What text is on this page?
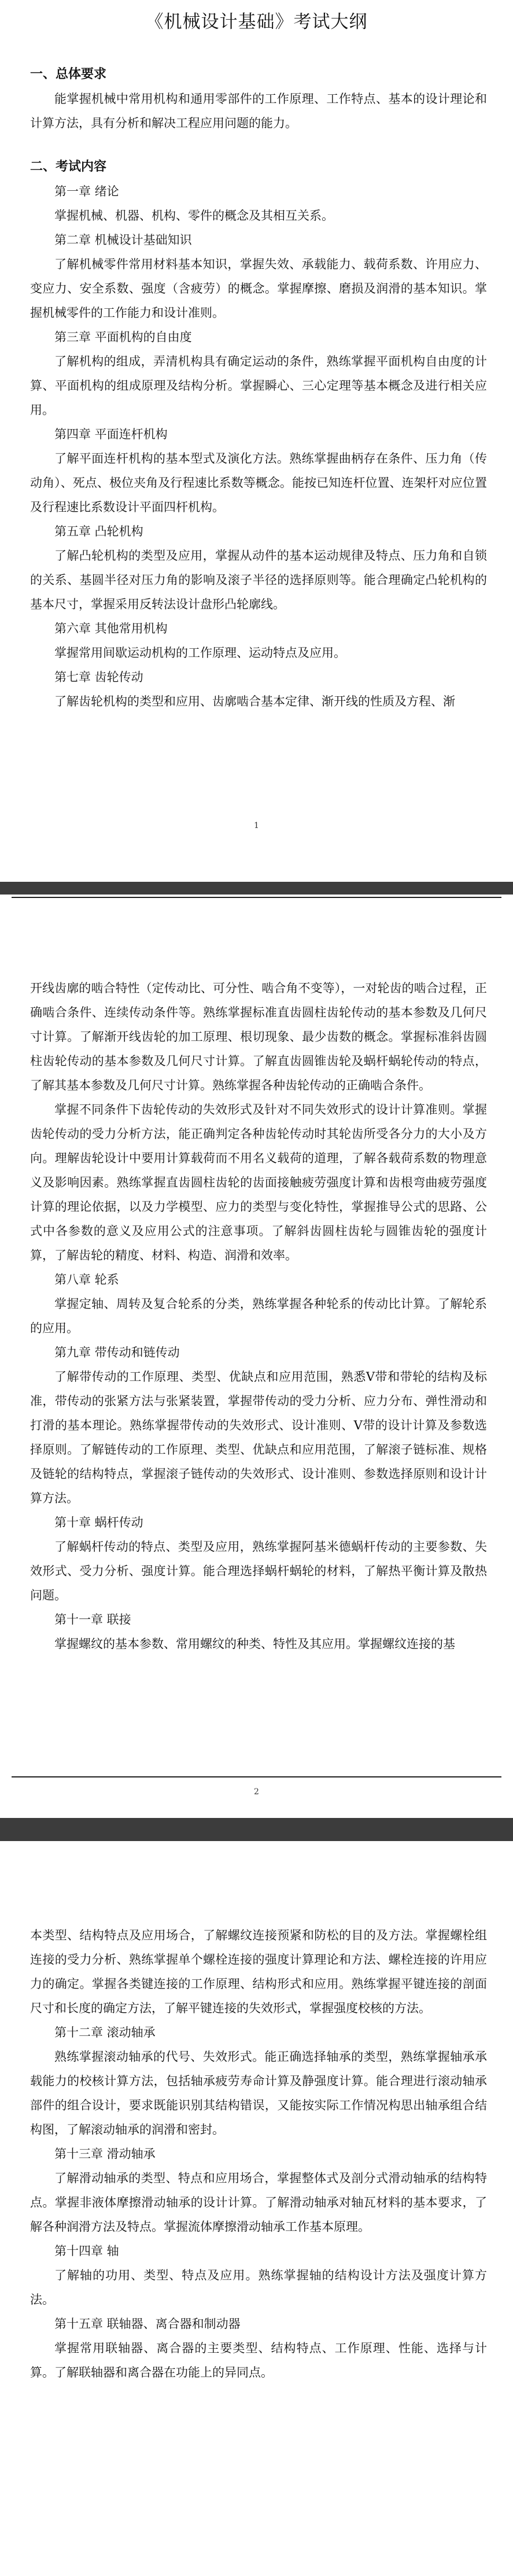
《机械设计基础》考试大纲

一、总体要求

能掌握机械中常用机构和通用零部件的工作原理、工作特点、基本的设计理论和计算方法，具有分析和解决工程应用问题的能力。

二、考试内容

第一章 绪论

掌握机械、机器、机构、零件的概念及其相互关系。

第二章 机械设计基础知识

了解机械零件常用材料基本知识，掌握失效、承载能力、载荷系数、许用应力、变应力、安全系数、强度（含疲劳）的概念。掌握摩擦、磨损及润滑的基本知识。掌握机械零件的工作能力和设计准则。

第三章 平面机构的自由度

了解机构的组成，弄清机构具有确定运动的条件，熟练掌握平面机构自由度的计算、平面机构的组成原理及结构分析。掌握瞬心、三心定理等基本概念及进行相关应用。

第四章 平面连杆机构

了解平面连杆机构的基本型式及演化方法。熟练掌握曲柄存在条件、压力角（传动角）、死点、极位夹角及行程速比系数等概念。能按已知连杆位置、连架杆对应位置及行程速比系数设计平面四杆机构。

第五章 凸轮机构

了解凸轮机构的类型及应用，掌握从动件的基本运动规律及特点、压力角和自锁的关系、基圆半径对压力角的影响及滚子半径的选择原则等。能合理确定凸轮机构的基本尺寸，掌握采用反转法设计盘形凸轮廓线。

第六章 其他常用机构

掌握常用间歇运动机构的工作原理、运动特点及应用。

第七章 齿轮传动

了解齿轮机构的类型和应用、齿廓啮合基本定律、渐开线的性质及方程、渐

1

开线齿廓的啮合特性（定传动比、可分性、啮合角不变等），一对轮齿的啮合过程，正确啮合条件、连续传动条件等。熟练掌握标准直齿圆柱齿轮传动的基本参数及几何尺寸计算。了解渐开线齿轮的加工原理、根切现象、最少齿数的概念。掌握标准斜齿圆柱齿轮传动的基本参数及几何尺寸计算。了解直齿圆锥齿轮及蜗杆蜗轮传动的特点，了解其基本参数及几何尺寸计算。熟练掌握各种齿轮传动的正确啮合条件。

掌握不同条件下齿轮传动的失效形式及针对不同失效形式的设计计算准则。掌握齿轮传动的受力分析方法，能正确判定各种齿轮传动时其轮齿所受各分力的大小及方向。理解齿轮设计中要用计算载荷而不用名义载荷的道理，了解各载荷系数的物理意义及影响因素。熟练掌握直齿圆柱齿轮的齿面接触疲劳强度计算和齿根弯曲疲劳强度计算的理论依据，以及力学模型、应力的类型与变化特性，掌握推导公式的思路、公式中各参数的意义及应用公式的注意事项。了解斜齿圆柱齿轮与圆锥齿轮的强度计算，了解齿轮的精度、材料、构造、润滑和效率。

第八章 轮系

掌握定轴、周转及复合轮系的分类，熟练掌握各种轮系的传动比计算。了解轮系的应用。

第九章 带传动和链传动

了解带传动的工作原理、类型、优缺点和应用范围，熟悉V带和带轮的结构及标准，带传动的张紧方法与张紧装置，掌握带传动的受力分析、应力分布、弹性滑动和打滑的基本理论。熟练掌握带传动的失效形式、设计准则、V带的设计计算及参数选择原则。了解链传动的工作原理、类型、优缺点和应用范围，了解滚子链标准、规格及链轮的结构特点，掌握滚子链传动的失效形式、设计准则、参数选择原则和设计计算方法。

第十章 蜗杆传动

了解蜗杆传动的特点、类型及应用，熟练掌握阿基米德蜗杆传动的主要参数、失效形式、受力分析、强度计算。能合理选择蜗杆蜗轮的材料，了解热平衡计算及散热问题。

第十一章 联接

掌握螺纹的基本参数、常用螺纹的种类、特性及其应用。掌握螺纹连接的基

2

本类型、结构特点及应用场合，了解螺纹连接预紧和防松的目的及方法。掌握螺栓组连接的受力分析、熟练掌握单个螺栓连接的强度计算理论和方法、螺栓连接的许用应力的确定。掌握各类键连接的工作原理、结构形式和应用。熟练掌握平键连接的剖面尺寸和长度的确定方法，了解平键连接的失效形式，掌握强度校核的方法。

第十二章 滚动轴承

熟练掌握滚动轴承的代号、失效形式。能正确选择轴承的类型，熟练掌握轴承承载能力的校核计算方法，包括轴承疲劳寿命计算及静强度计算。能合理进行滚动轴承部件的组合设计，要求既能识别其结构错误，又能按实际工作情况构思出轴承组合结构图，了解滚动轴承的润滑和密封。

第十三章 滑动轴承

了解滑动轴承的类型、特点和应用场合，掌握整体式及剖分式滑动轴承的结构特点。掌握非液体摩擦滑动轴承的设计计算。了解滑动轴承对轴瓦材料的基本要求，了解各种润滑方法及特点。掌握流体摩擦滑动轴承工作基本原理。

第十四章 轴

了解轴的功用、类型、特点及应用。熟练掌握轴的结构设计方法及强度计算方法。

第十五章 联轴器、离合器和制动器

掌握常用联轴器、离合器的主要类型、结构特点、工作原理、性能、选择与计算。了解联轴器和离合器在功能上的异同点。
